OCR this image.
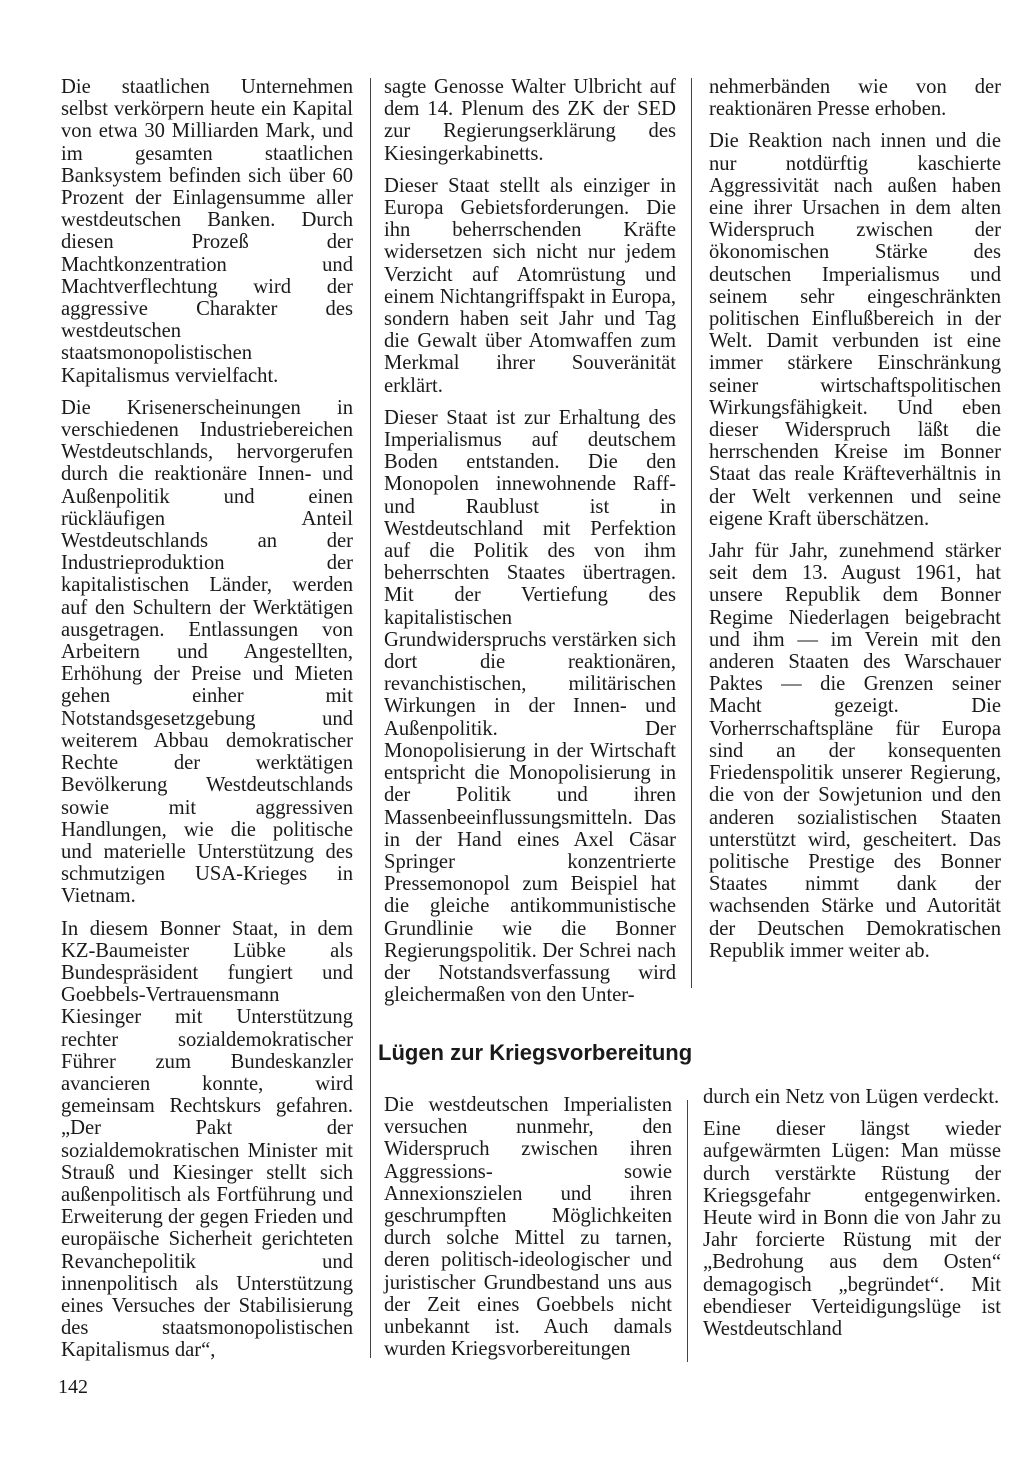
Die staatlichen Unternehmen selbst verkörpern heute ein Kapital von etwa 30 Milliarden Mark, und im gesamten staatlichen Banksystem befinden sich über 60 Prozent der Einlagensumme aller westdeutschen Banken. Durch diesen Prozeß der Machtkonzentration und Machtverflechtung wird der aggressive Charakter des westdeutschen staatsmonopolistischen Kapitalismus vervielfacht.

Die Krisenerscheinungen in verschiedenen Industriebereichen Westdeutschlands, hervorgerufen durch die reaktionäre Innen- und Außenpolitik und einen rückläufigen Anteil Westdeutschlands an der Industrieproduktion der kapitalistischen Länder, werden auf den Schultern der Werktätigen ausgetragen. Entlassungen von Arbeitern und Angestellten, Erhöhung der Preise und Mieten gehen einher mit Notstandsgesetzgebung und weiterem Abbau demokratischer Rechte der werktätigen Bevölkerung Westdeutschlands sowie mit aggressiven Handlungen, wie die politische und materielle Unterstützung des schmutzigen USA-Krieges in Vietnam.

In diesem Bonner Staat, in dem KZ-Baumeister Lübke als Bundespräsident fungiert und Goebbels-Vertrauensmann Kiesinger mit Unterstützung rechter sozialdemokratischer Führer zum Bundeskanzler avancieren konnte, wird gemeinsam Rechtskurs gefahren. „Der Pakt der sozialdemokratischen Minister mit Strauß und Kiesinger stellt sich außenpolitisch als Fortführung und Erweiterung der gegen Frieden und europäische Sicherheit gerichteten Revanchepolitik und innenpolitisch als Unterstützung eines Versuches der Stabilisierung des staatsmonopolistischen Kapitalismus dar“,

sagte Genosse Walter Ulbricht auf dem 14. Plenum des ZK der SED zur Regierungserklärung des Kiesingerkabinetts.

Dieser Staat stellt als einziger in Europa Gebietsforderungen. Die ihn beherrschenden Kräfte widersetzen sich nicht nur jedem Verzicht auf Atomrüstung und einem Nichtangriffspakt in Europa, sondern haben seit Jahr und Tag die Gewalt über Atomwaffen zum Merkmal ihrer Souveränität erklärt.

Dieser Staat ist zur Erhaltung des Imperialismus auf deutschem Boden entstanden. Die den Monopolen innewohnende Raff- und Raublust ist in Westdeutschland mit Perfektion auf die Politik des von ihm beherrschten Staates übertragen. Mit der Vertiefung des kapitalistischen Grundwiderspruchs verstärken sich dort die reaktionären, revanchistischen, militärischen Wirkungen in der Innen- und Außenpolitik. Der Monopolisierung in der Wirtschaft entspricht die Monopolisierung in der Politik und ihren Massenbeeinflussungsmitteln. Das in der Hand eines Axel Cäsar Springer konzentrierte Pressemonopol zum Beispiel hat die gleiche antikommunistische Grundlinie wie die Bonner Regierungspolitik. Der Schrei nach der Notstandsverfassung wird gleichermaßen von den Unter-

nehmerbänden wie von der reaktionären Presse erhoben.

Die Reaktion nach innen und die nur notdürftig kaschierte Aggressivität nach außen haben eine ihrer Ursachen in dem alten Widerspruch zwischen der ökonomischen Stärke des deutschen Imperialismus und seinem sehr eingeschränkten politischen Einflußbereich in der Welt. Damit verbunden ist eine immer stärkere Einschränkung seiner wirtschaftspolitischen Wirkungsfähigkeit. Und eben dieser Widerspruch läßt die herrschenden Kreise im Bonner Staat das reale Kräfteverhältnis in der Welt verkennen und seine eigene Kraft überschätzen.

Jahr für Jahr, zunehmend stärker seit dem 13. August 1961, hat unsere Republik dem Bonner Regime Niederlagen beigebracht und ihm — im Verein mit den anderen Staaten des Warschauer Paktes — die Grenzen seiner Macht gezeigt. Die Vorherrschaftspläne für Europa sind an der konsequenten Friedenspolitik unserer Regierung, die von der Sowjetunion und den anderen sozialistischen Staaten unterstützt wird, gescheitert. Das politische Prestige des Bonner Staates nimmt dank der wachsenden Stärke und Autorität der Deutschen Demokratischen Republik immer weiter ab.

Lügen zur Kriegsvorbereitung

Die westdeutschen Imperialisten versuchen nunmehr, den Widerspruch zwischen ihren Aggressions- sowie Annexionszielen und ihren geschrumpften Möglichkeiten durch solche Mittel zu tarnen, deren politisch-ideologischer und juristischer Grundbestand uns aus der Zeit eines Goebbels nicht unbekannt ist. Auch damals wurden Kriegsvorbereitungen

durch ein Netz von Lügen verdeckt.

Eine dieser längst wieder aufgewärmten Lügen: Man müsse durch verstärkte Rüstung der Kriegsgefahr entgegenwirken. Heute wird in Bonn die von Jahr zu Jahr forcierte Rüstung mit der „Bedrohung aus dem Osten“ demagogisch „begründet“. Mit ebendieser Verteidigungslüge ist Westdeutschland

142
